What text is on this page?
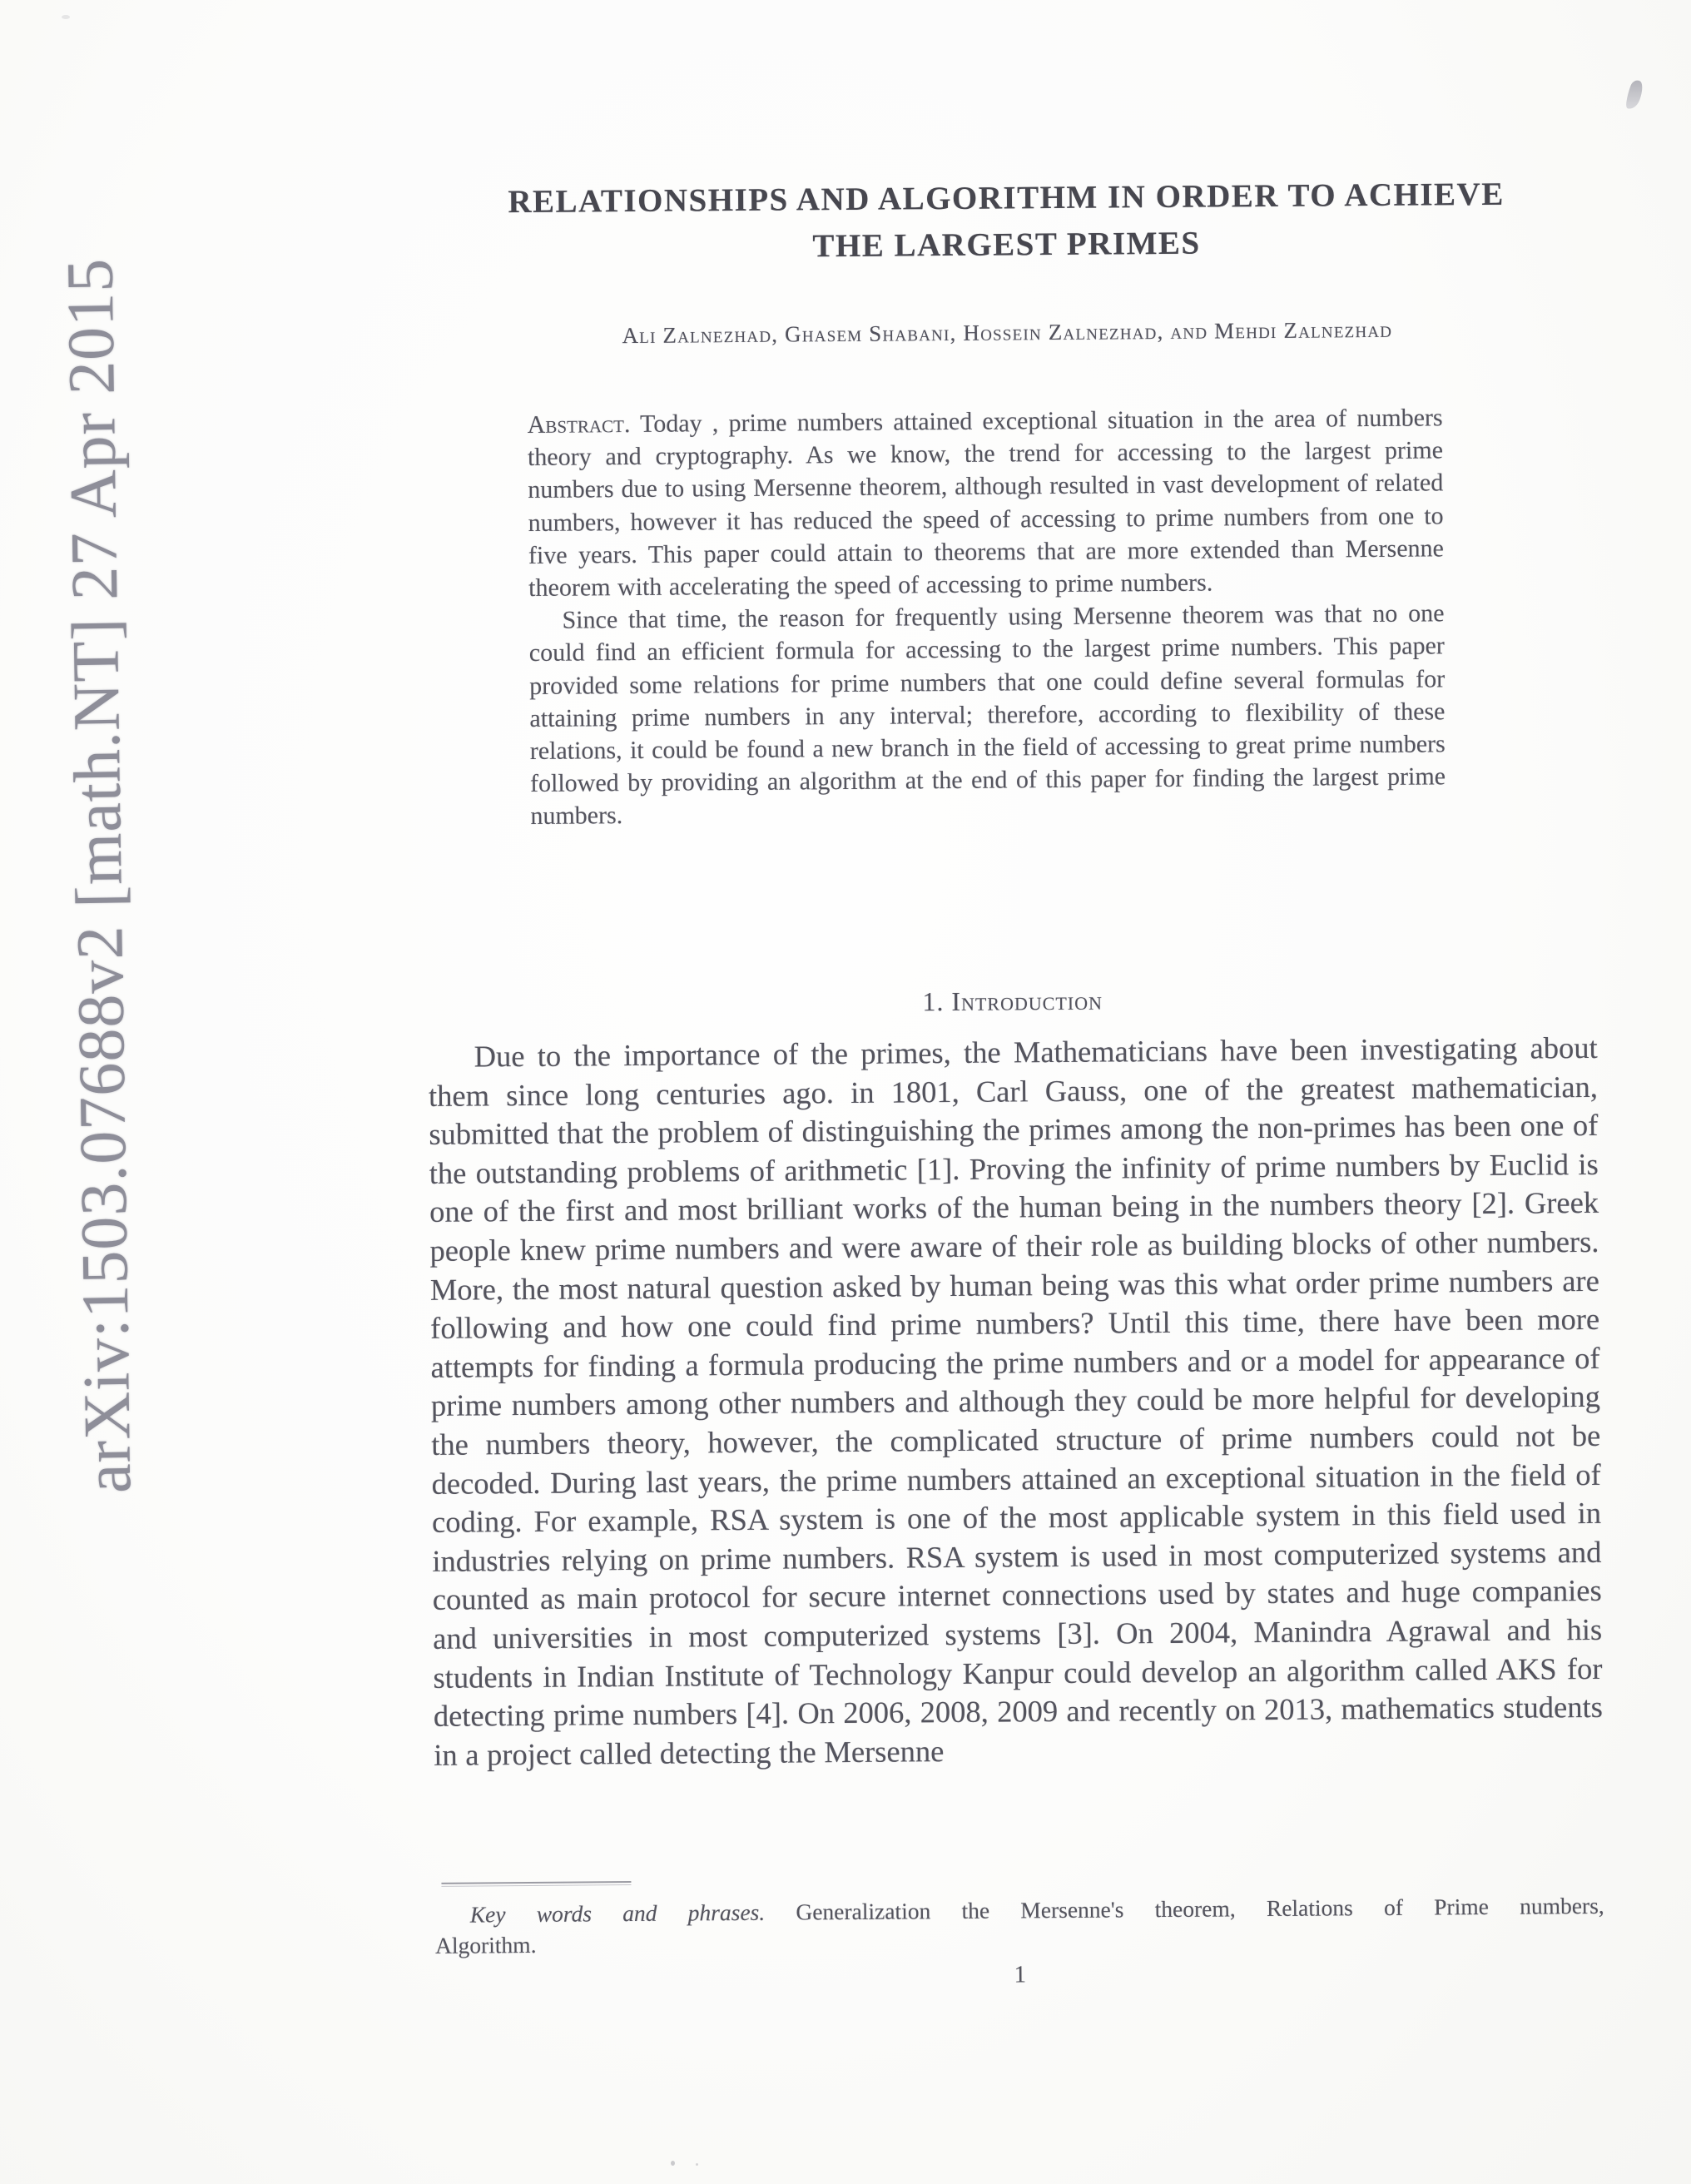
arXiv:1503.07688v2 [math.NT] 27 Apr 2015
RELATIONSHIPS AND ALGORITHM IN ORDER TO ACHIEVE
THE LARGEST PRIMES
Ali Zalnezhad, Ghasem Shabani, Hossein Zalnezhad, and Mehdi Zalnezhad

Abstract. Today , prime numbers attained exceptional situation in the area of numbers theory and cryptography. As we know, the trend for accessing to the largest prime numbers due to using Mersenne theorem, although resulted in vast development of related numbers, however it has reduced the speed of accessing to prime numbers from one to five years. This paper could attain to theorems that are more extended than Mersenne theorem with accelerating the speed of accessing to prime numbers.

Since that time, the reason for frequently using Mersenne theorem was that no one could find an efficient formula for accessing to the largest prime numbers. This paper provided some relations for prime numbers that one could define several formulas for attaining prime numbers in any interval; therefore, according to flexibility of these relations, it could be found a new branch in the field of accessing to great prime numbers followed by providing an algorithm at the end of this paper for finding the largest prime numbers.

1. Introduction

Due to the importance of the primes, the Mathematicians have been investigating about them since long centuries ago. in 1801, Carl Gauss, one of the greatest mathematician, submitted that the problem of distinguishing the primes among the non-primes has been one of the outstanding problems of arithmetic [1]. Proving the infinity of prime numbers by Euclid is one of the first and most brilliant works of the human being in the numbers theory [2]. Greek people knew prime numbers and were aware of their role as building blocks of other numbers. More, the most natural question asked by human being was this what order prime numbers are following and how one could find prime numbers? Until this time, there have been more attempts for finding a formula producing the prime numbers and or a model for appearance of prime numbers among other numbers and although they could be more helpful for developing the numbers theory, however, the complicated structure of prime numbers could not be decoded. During last years, the prime numbers attained an exceptional situation in the field of coding. For example, RSA system is one of the most applicable system in this field used in industries relying on prime numbers. RSA system is used in most computerized systems and counted as main protocol for secure internet connections used by states and huge companies and universities in most computerized systems [3]. On 2004, Manindra Agrawal and his students in Indian Institute of Technology Kanpur could develop an algorithm called AKS for detecting prime numbers [4]. On 2006, 2008, 2009 and recently on 2013, mathematics students in a project called detecting the Mersenne

Key words and phrases. Generalization the Mersenne's theorem, Relations of Prime numbers,
Algorithm.

1
